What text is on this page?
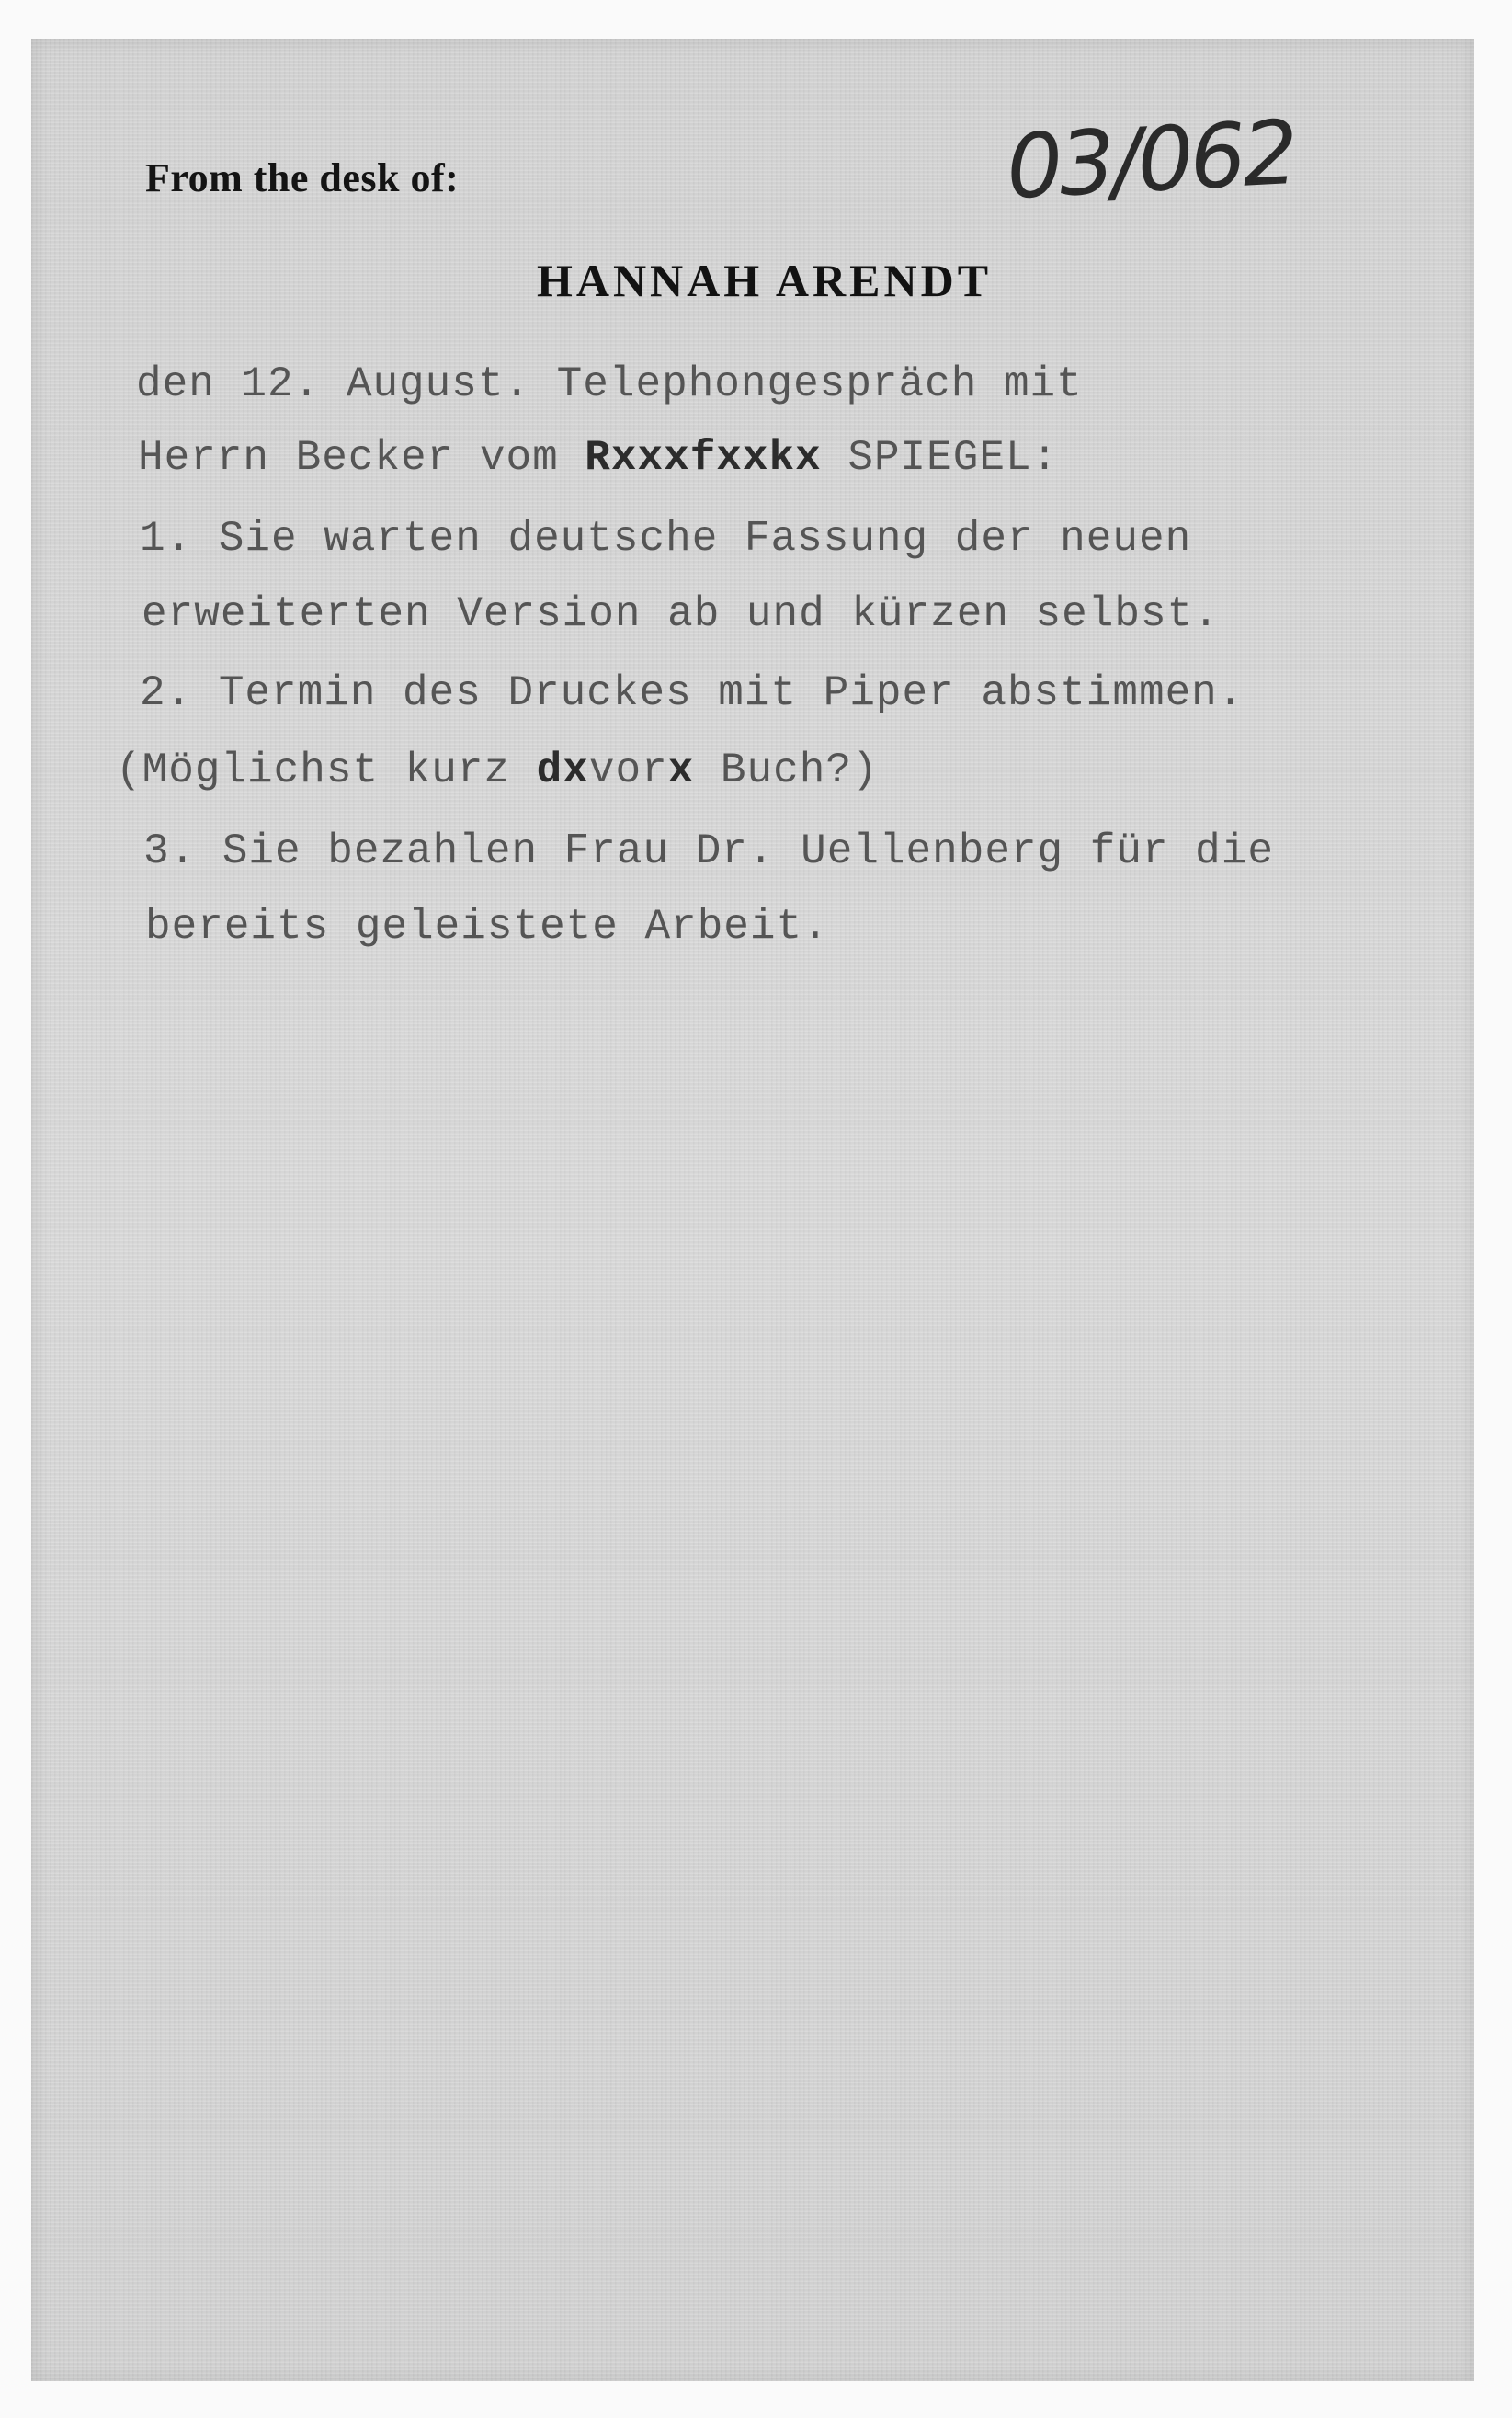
From the desk of:	03/062
HANNAH ARENDT
den 12. August. Telephongespräch mit
Herrn Becker vom Rxxxfxxkx SPIEGEL:
1. Sie warten deutsche Fassung der neuen
erweiterten Version ab und kürzen selbst.
2. Termin des Druckes mit Piper abstimmen.
(Möglichst kurz dxvorx Buch?)
3. Sie bezahlen Frau Dr. Uellenberg für die
bereits geleistete Arbeit.
